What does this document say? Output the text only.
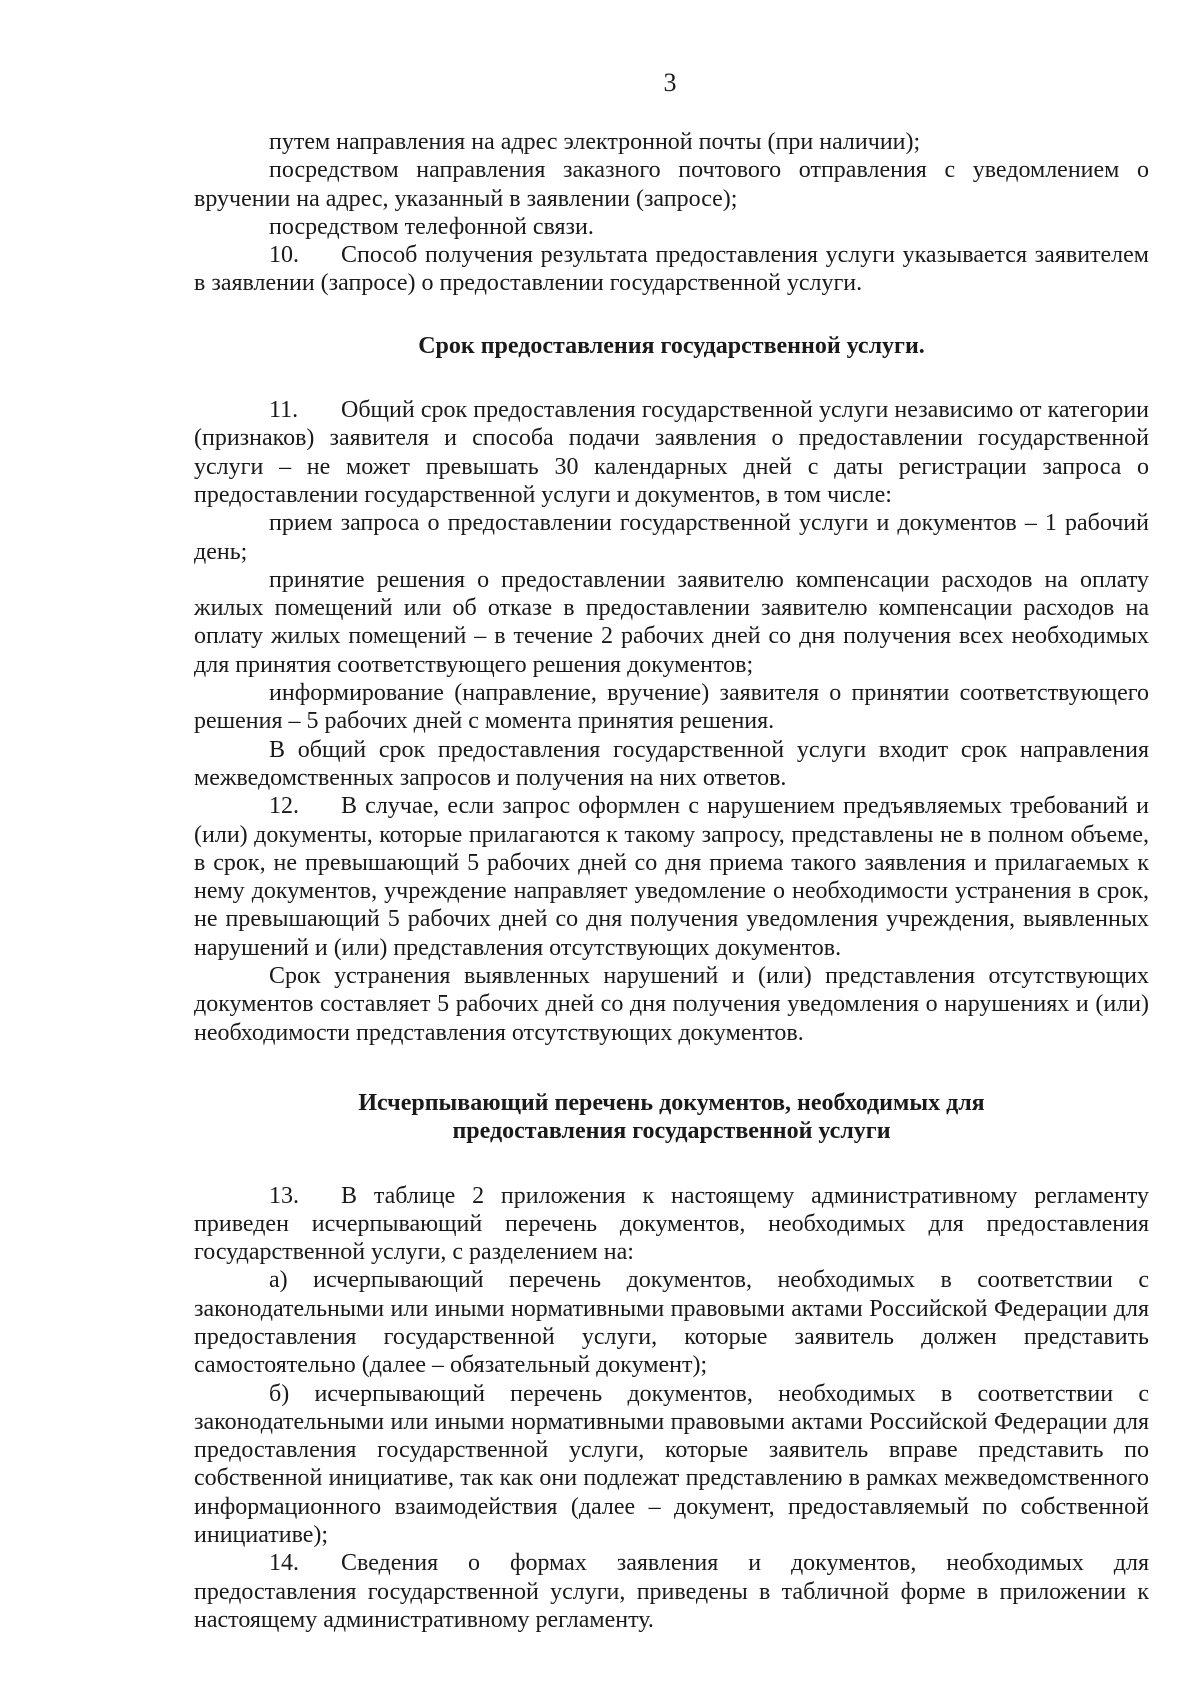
3

путем направления на адрес электронной почты (при наличии);

посредством направления заказного почтового отправления с уведомлением о вручении на адрес, указанный в заявлении (запросе);

посредством телефонной связи.

10. Способ получения результата предоставления услуги указывается заявителем в заявлении (запросе) о предоставлении государственной услуги.

Срок предоставления государственной услуги.

11. Общий срок предоставления государственной услуги независимо от категории (признаков) заявителя и способа подачи заявления о предоставлении государственной услуги – не может превышать 30 календарных дней с даты регистрации запроса о предоставлении государственной услуги и документов, в том числе:

прием запроса о предоставлении государственной услуги и документов – 1 рабочий день;

принятие решения о предоставлении заявителю компенсации расходов на оплату жилых помещений или об отказе в предоставлении заявителю компенсации расходов на оплату жилых помещений – в течение 2 рабочих дней со дня получения всех необходимых для принятия соответствующего решения документов;

информирование (направление, вручение) заявителя о принятии соответствующего решения – 5 рабочих дней с момента принятия решения.

В общий срок предоставления государственной услуги входит срок направления межведомственных запросов и получения на них ответов.

12. В случае, если запрос оформлен с нарушением предъявляемых требований и (или) документы, которые прилагаются к такому запросу, представлены не в полном объеме, в срок, не превышающий 5 рабочих дней со дня приема такого заявления и прилагаемых к нему документов, учреждение направляет уведомление о необходимости устранения в срок, не превышающий 5 рабочих дней со дня получения уведомления учреждения, выявленных нарушений и (или) представления отсутствующих документов.

Срок устранения выявленных нарушений и (или) представления отсутствующих документов составляет 5 рабочих дней со дня получения уведомления о нарушениях и (или) необходимости представления отсутствующих документов.

Исчерпывающий перечень документов, необходимых для

предоставления государственной услуги

13. В таблице 2 приложения к настоящему административному регламенту приведен исчерпывающий перечень документов, необходимых для предоставления государственной услуги, с разделением на:

а) исчерпывающий перечень документов, необходимых в соответствии с законодательными или иными нормативными правовыми актами Российской Федерации для предоставления государственной услуги, которые заявитель должен представить самостоятельно (далее – обязательный документ);

б) исчерпывающий перечень документов, необходимых в соответствии с законодательными или иными нормативными правовыми актами Российской Федерации для предоставления государственной услуги, которые заявитель вправе представить по собственной инициативе, так как они подлежат представлению в рамках межведомственного информационного взаимодействия (далее – документ, предоставляемый по собственной инициативе);

14. Сведения о формах заявления и документов, необходимых для предоставления государственной услуги, приведены в табличной форме в приложении к настоящему административному регламенту.
